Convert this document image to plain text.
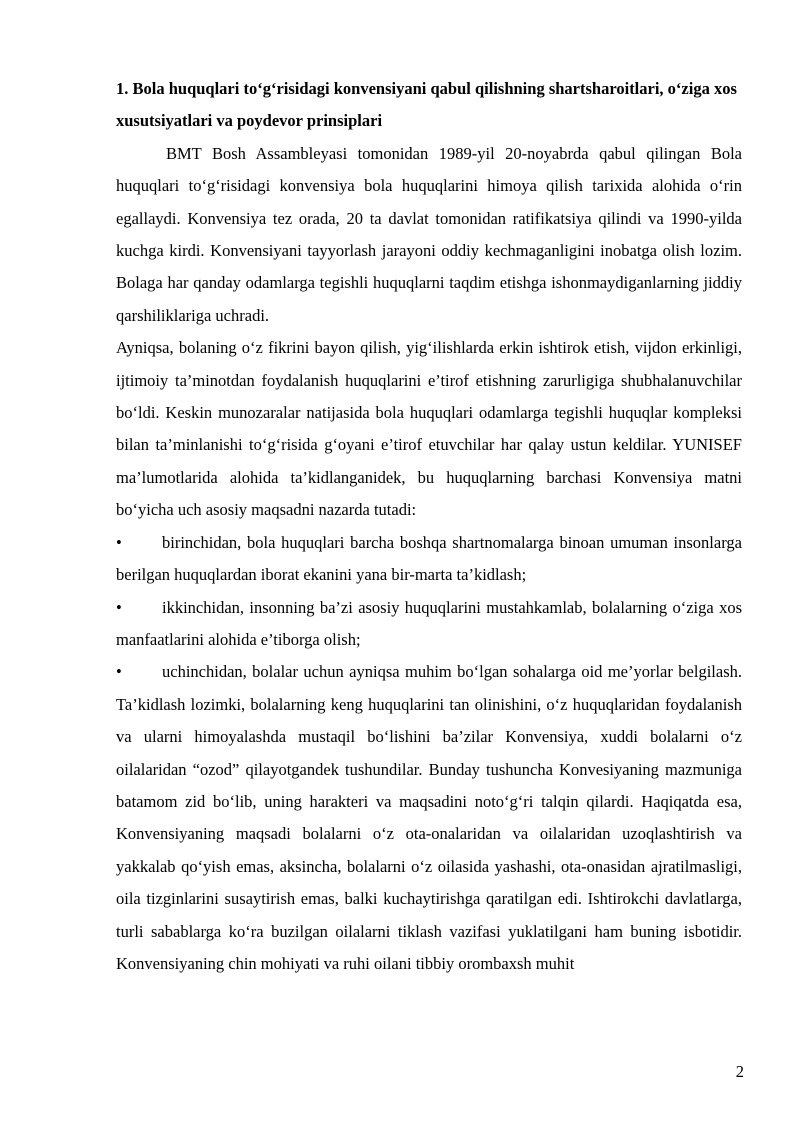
1. Bola huquqlari to‘g‘risidagi konvensiyani qabul qilishning shartsharoitlari, o‘ziga xos xusutsiyatlari va poydevor prinsiplari

BMT Bosh Assambleyasi tomonidan 1989-yil 20-noyabrda qabul qilingan Bola huquqlari to‘g‘risidagi konvensiya bola huquqlarini himoya qilish tarixida alohida o‘rin egallaydi. Konvensiya tez orada, 20 ta davlat tomonidan ratifikatsiya qilindi va 1990-yilda kuchga kirdi. Konvensiyani tayyorlash jarayoni oddiy kechmaganligini inobatga olish lozim. Bolaga har qanday odamlarga tegishli huquqlarni taqdim etishga ishonmaydiganlarning jiddiy qarshiliklariga uchradi.

Ayniqsa, bolaning o‘z fikrini bayon qilish, yig‘ilishlarda erkin ishtirok etish, vijdon erkinligi, ijtimoiy ta’minotdan foydalanish huquqlarini e’tirof etishning zarurligiga shubhalanuvchilar bo‘ldi. Keskin munozaralar natijasida bola huquqlari odamlarga tegishli huquqlar kompleksi bilan ta’minlanishi to‘g‘risida g‘oyani e’tirof etuvchilar har qalay ustun keldilar. YUNISEF ma’lumotlarida alohida ta’kidlanganidek, bu huquqlarning barchasi Konvensiya matni bo‘yicha uch asosiy maqsadni nazarda tutadi:

• birinchidan, bola huquqlari barcha boshqa shartnomalarga binoan umuman insonlarga berilgan huquqlardan iborat ekanini yana bir-marta ta’kidlash;

• ikkinchidan, insonning ba’zi asosiy huquqlarini mustahkamlab, bolalarning o‘ziga xos manfaatlarini alohida e’tiborga olish;

• uchinchidan, bolalar uchun ayniqsa muhim bo‘lgan sohalarga oid me’yorlar belgilash. Ta’kidlash lozimki, bolalarning keng huquqlarini tan olinishini, o‘z huquqlaridan foydalanish va ularni himoyalashda mustaqil bo‘lishini ba’zilar Konvensiya, xuddi bolalarni o‘z oilalaridan “ozod” qilayotgandek tushundilar. Bunday tushuncha Konvesiyaning mazmuniga batamom zid bo‘lib, uning harakteri va maqsadini noto‘g‘ri talqin qilardi. Haqiqatda esa, Konvensiyaning maqsadi bolalarni o‘z ota-onalaridan va oilalaridan uzoqlashtirish va yakkalab qo‘yish emas, aksincha, bolalarni o‘z oilasida yashashi, ota-onasidan ajratilmasligi, oila tizginlarini susaytirish emas, balki kuchaytirishga qaratilgan edi. Ishtirokchi davlatlarga, turli sabablarga ko‘ra buzilgan oilalarni tiklash vazifasi yuklatilgani ham buning isbotidir. Konvensiyaning chin mohiyati va ruhi oilani tibbiy orombaxsh muhit

2
